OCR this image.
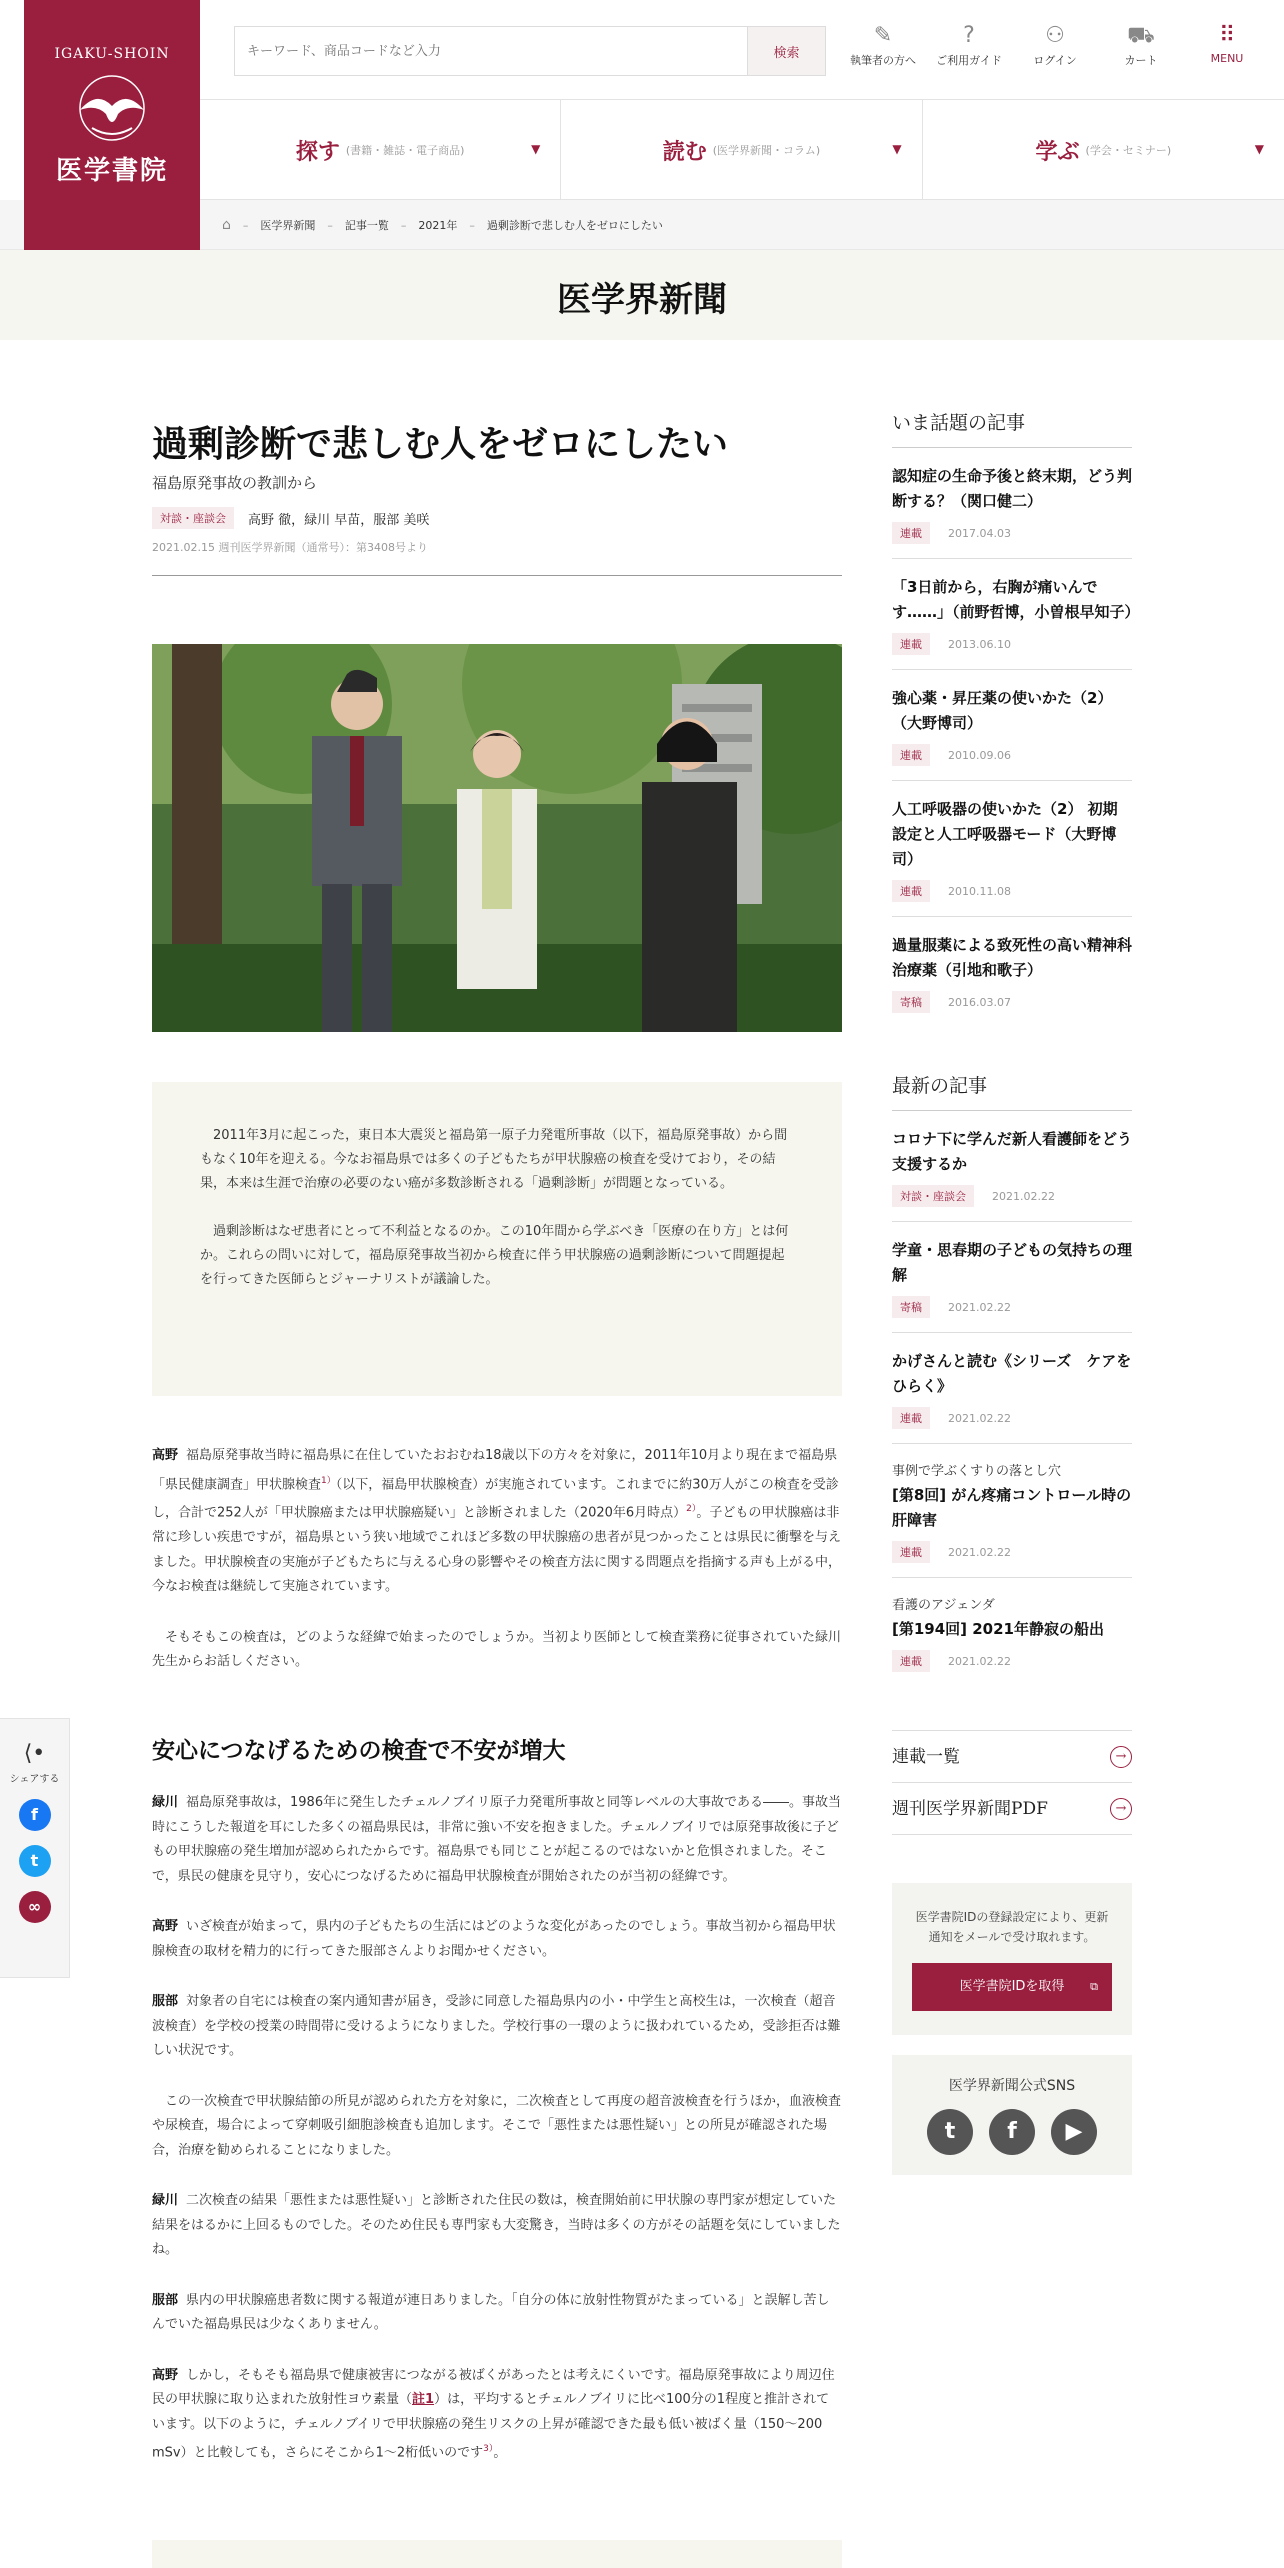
IGAKU-SHOIN
医学書院
キーワード、商品コードなど入力
検索
✎
執筆者の方へ
?
ご利用ガイド
⚇
ログイン
⛟
カート
⠿
MENU
探す (書籍・雑誌・電子商品)	▼	読む (医学界新聞・コラム)	▼	学ぶ (学会・セミナー)	▼
⌂ – 医学界新聞 – 記事一覧 – 2021年 – 過剰診断で悲しむ人をゼロにしたい
医学界新聞
過剰診断で悲しむ人をゼロにしたい
福島原発事故の教訓から
対談・座談会	高野 徹，緑川 早苗，服部 美咲
2021.02.15 週刊医学界新聞（通常号）：第3408号より

2011年3月に起こった，東日本大震災と福島第一原子力発電所事故（以下，福島原発事故）から間もなく10年を迎える。今なお福島県では多くの子どもたちが甲状腺癌の検査を受けており，その結果，本来は生涯で治療の必要のない癌が多数診断される「過剰診断」が問題となっている。

過剰診断はなぜ患者にとって不利益となるのか。この10年間から学ぶべき「医療の在り方」とは何か。これらの問いに対して，福島原発事故当初から検査に伴う甲状腺癌の過剰診断について問題提起を行ってきた医師らとジャーナリストが議論した。

高野 福島原発事故当時に福島県に在住していたおおむね18歳以下の方々を対象に，2011年10月より現在まで福島県「県民健康調査」甲状腺検査$^{1)}$（以下，福島甲状腺検査）が実施されています。これまでに約30万人がこの検査を受診し，合計で252人が「甲状腺癌または甲状腺癌疑い」と診断されました（2020年6月時点）$^{2)}$。子どもの甲状腺癌は非常に珍しい疾患ですが，福島県という狭い地域でこれほど多数の甲状腺癌の患者が見つかったことは県民に衝撃を与えました。甲状腺検査の実施が子どもたちに与える心身の影響やその検査方法に関する問題点を指摘する声も上がる中，今なお検査は継続して実施されています。

そもそもこの検査は，どのような経緯で始まったのでしょうか。当初より医師として検査業務に従事されていた緑川先生からお話しください。

安心につなげるための検査で不安が増大

緑川 福島原発事故は，1986年に発生したチェルノブイリ原子力発電所事故と同等レベルの大事故である――。事故当時にこうした報道を耳にした多くの福島県民は，非常に強い不安を抱きました。チェルノブイリでは原発事故後に子どもの甲状腺癌の発生増加が認められたからです。福島県でも同じことが起こるのではないかと危惧されました。そこで，県民の健康を見守り，安心につなげるために福島甲状腺検査が開始されたのが当初の経緯です。

高野 いざ検査が始まって，県内の子どもたちの生活にはどのような変化があったのでしょう。事故当初から福島甲状腺検査の取材を精力的に行ってきた服部さんよりお聞かせください。

服部 対象者の自宅には検査の案内通知書が届き，受診に同意した福島県内の小・中学生と高校生は，一次検査（超音波検査）を学校の授業の時間帯に受けるようになりました。学校行事の一環のように扱われているため，受診拒否は難しい状況です。

この一次検査で甲状腺結節の所見が認められた方を対象に，二次検査として再度の超音波検査を行うほか，血液検査や尿検査，場合によって穿刺吸引細胞診検査も追加します。そこで「悪性または悪性疑い」との所見が確認された場合，治療を勧められることになりました。

緑川 二次検査の結果「悪性または悪性疑い」と診断された住民の数は，検査開始前に甲状腺の専門家が想定していた結果をはるかに上回るものでした。そのため住民も専門家も大変驚き，当時は多くの方がその話題を気にしていましたね。

服部 県内の甲状腺癌患者数に関する報道が連日ありました。「自分の体に放射性物質がたまっている」と誤解し苦しんでいた福島県民は少なくありません。

高野 しかし，そもそも福島県で健康被害につながる被ばくがあったとは考えにくいです。福島原発事故により周辺住民の甲状腺に取り込まれた放射性ヨウ素量（註1）は，平均するとチェルノブイリに比べ100分の1程度と推計されています。以下のように，チェルノブイリで甲状腺癌の発生リスクの上昇が確認できた最も低い被ばく量（150～200 mSv）と比較しても，さらにそこから1～2桁低いのです$^{3)}$。

⟨•
シェアする
f
t
∞
いま話題の記事
認知症の生命予後と終末期，どう判断する？（関口健二）
連載	2017.04.03
「3日前から，右胸が痛いんです……」（前野哲博，小曽根早知子）
連載	2013.06.10
強心薬・昇圧薬の使いかた（2）（大野博司）
連載	2010.09.06
人工呼吸器の使いかた（2） 初期設定と人工呼吸器モード（大野博司）
連載	2010.11.08
過量服薬による致死性の高い精神科治療薬（引地和歌子）
寄稿	2016.03.07
最新の記事
コロナ下に学んだ新人看護師をどう支援するか
対談・座談会	2021.02.22
学童・思春期の子どもの気持ちの理解
寄稿	2021.02.22
かげさんと読む《シリーズ　ケアをひらく》
連載	2021.02.22
事例で学ぶくすりの落とし穴
[第8回] がん疼痛コントロール時の肝障害
連載	2021.02.22
看護のアジェンダ
[第194回] 2021年静寂の船出
連載	2021.02.22
連載一覧	→
週刊医学界新聞PDF	→
医学書院IDの登録設定により、更新通知をメールで受け取れます。
医学書院IDを取得 ⧉
医学界新聞公式SNS
t	f	▶
